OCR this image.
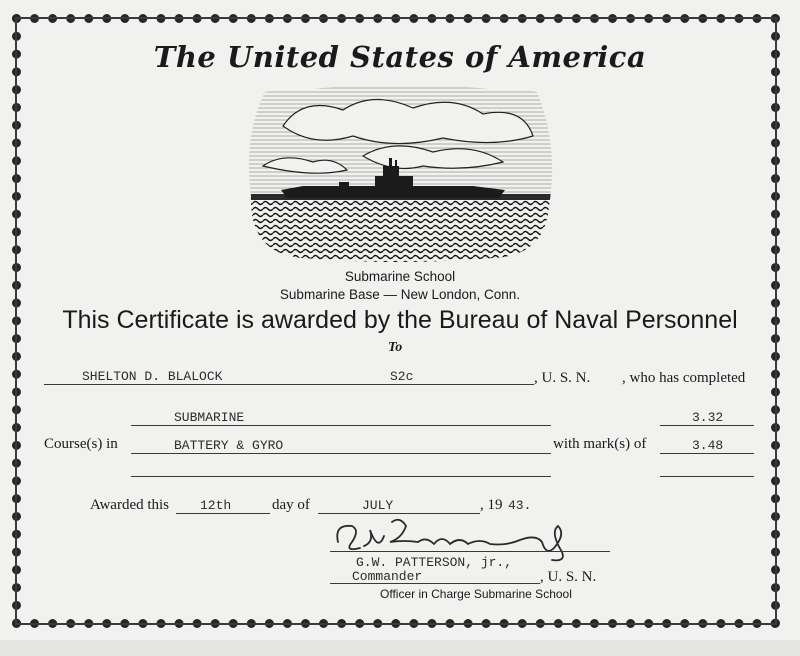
The United States of America
Submarine School
Submarine Base — New London, Conn.
This Certificate is awarded by the Bureau of Naval Personnel
To
SHELTON D. BLALOCK	S2c	, U. S. N. , who has completed
SUBMARINE	3.32
Course(s) in	BATTERY & GYRO	with mark(s) of	3.48
Awarded this 12th	day of	JULY	, 19 43.
G.W. PATTERSON, jr.,
Commander	, U. S. N.
Officer in Charge Submarine School
